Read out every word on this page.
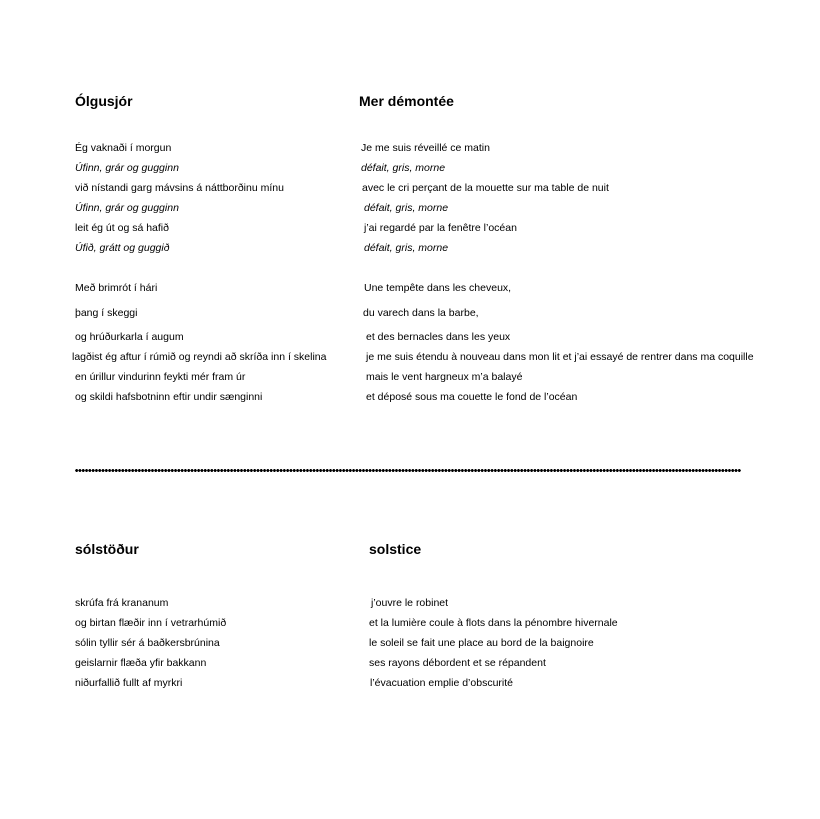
Ólgusjór	Mer démontée
Ég vaknaði í morgun
Úfinn, grár og gugginn
við nístandi garg mávsins á náttborðinu mínu
Úfinn, grár og gugginn
leit ég út og sá hafið
Úfið, grátt og guggið
Með brimrót í hári
þang í skeggi
og hrúðurkarla í augum
lagðist ég aftur í rúmið og reyndi að skríða inn í skelina
en úrillur vindurinn feykti mér fram úr
og skildi hafsbotninn eftir undir sænginni
Je me suis réveillé ce matin
défait, gris, morne
avec le cri perçant de la mouette sur ma table de nuit
défait, gris, morne
j’ai regardé par la fenêtre l’océan
défait, gris, morne
Une tempête dans les cheveux,
du varech dans la barbe,
et des bernacles dans les yeux
je me suis étendu à nouveau dans mon lit et j’ai essayé de rentrer dans ma coquille
mais le vent hargneux m’a balayé
et déposé sous ma couette le fond de l’océan
sólstöður	solstice
skrúfa frá krananum
og birtan flæðir inn í vetrarhúmið
sólin tyllir sér á baðkersbrúnina
geislarnir flæða yfir bakkann
niðurfallið fullt af myrkri
j’ouvre le robinet
et la lumière coule à flots dans la pénombre hivernale
le soleil se fait une place au bord de la baignoire
ses rayons débordent et se répandent
l’évacuation emplie d’obscurité
